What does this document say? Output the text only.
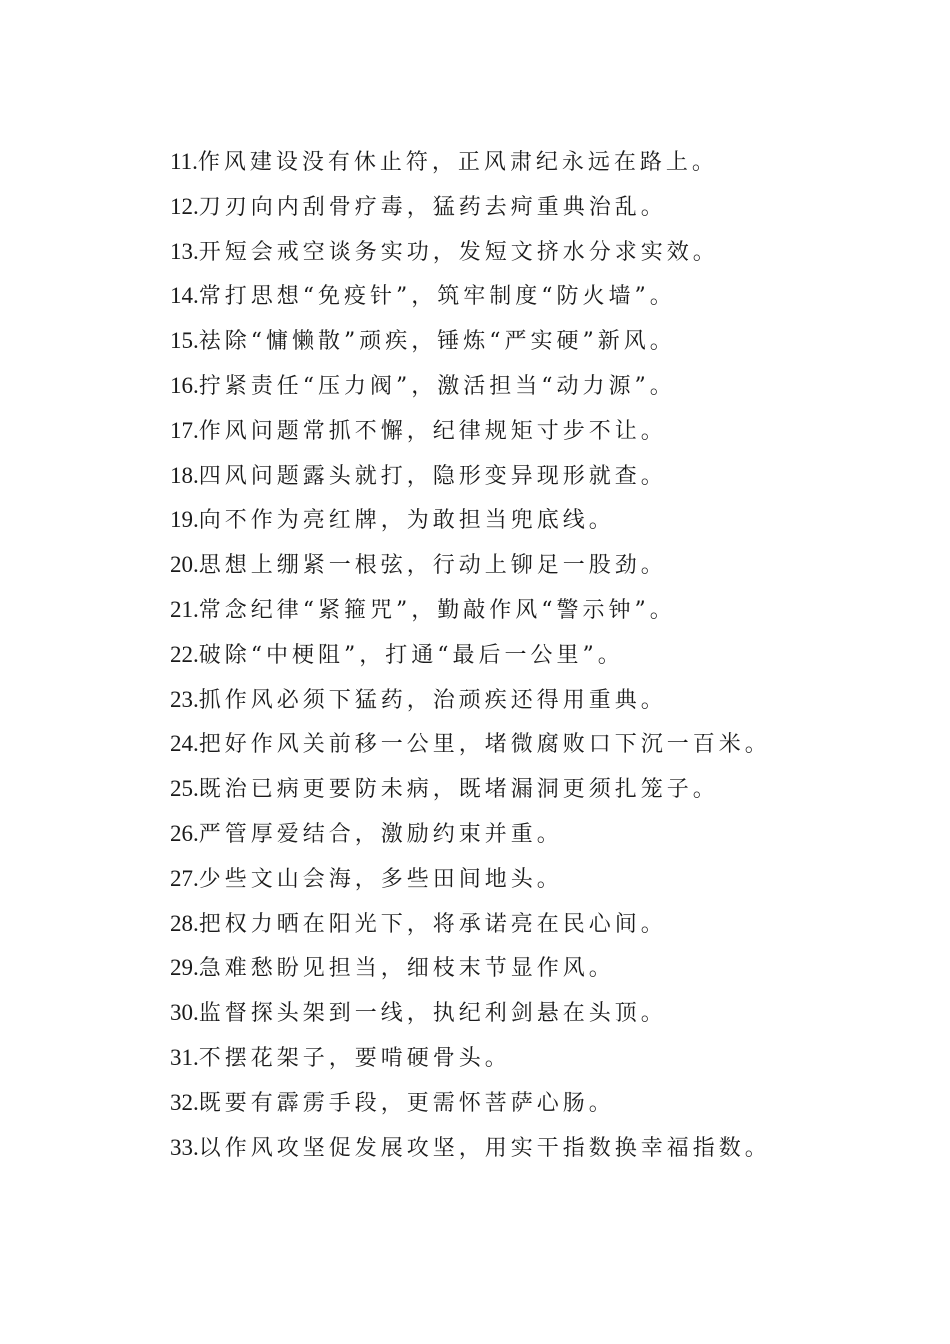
11.作风建设没有休止符，正风肃纪永远在路上。
12.刀刃向内刮骨疗毒，猛药去疴重典治乱。
13.开短会戒空谈务实功，发短文挤水分求实效。
14.常打思想“免疫针”，筑牢制度“防火墙”。
15.祛除“慵懒散”顽疾，锤炼“严实硬”新风。
16.拧紧责任“压力阀”，激活担当“动力源”。
17.作风问题常抓不懈，纪律规矩寸步不让。
18.四风问题露头就打，隐形变异现形就查。
19.向不作为亮红牌，为敢担当兜底线。
20.思想上绷紧一根弦，行动上铆足一股劲。
21.常念纪律“紧箍咒”，勤敲作风“警示钟”。
22.破除“中梗阻”，打通“最后一公里”。
23.抓作风必须下猛药，治顽疾还得用重典。
24.把好作风关前移一公里，堵微腐败口下沉一百米。
25.既治已病更要防未病，既堵漏洞更须扎笼子。
26.严管厚爱结合，激励约束并重。
27.少些文山会海，多些田间地头。
28.把权力晒在阳光下，将承诺亮在民心间。
29.急难愁盼见担当，细枝末节显作风。
30.监督探头架到一线，执纪利剑悬在头顶。
31.不摆花架子，要啃硬骨头。
32.既要有霹雳手段，更需怀菩萨心肠。
33.以作风攻坚促发展攻坚，用实干指数换幸福指数。
